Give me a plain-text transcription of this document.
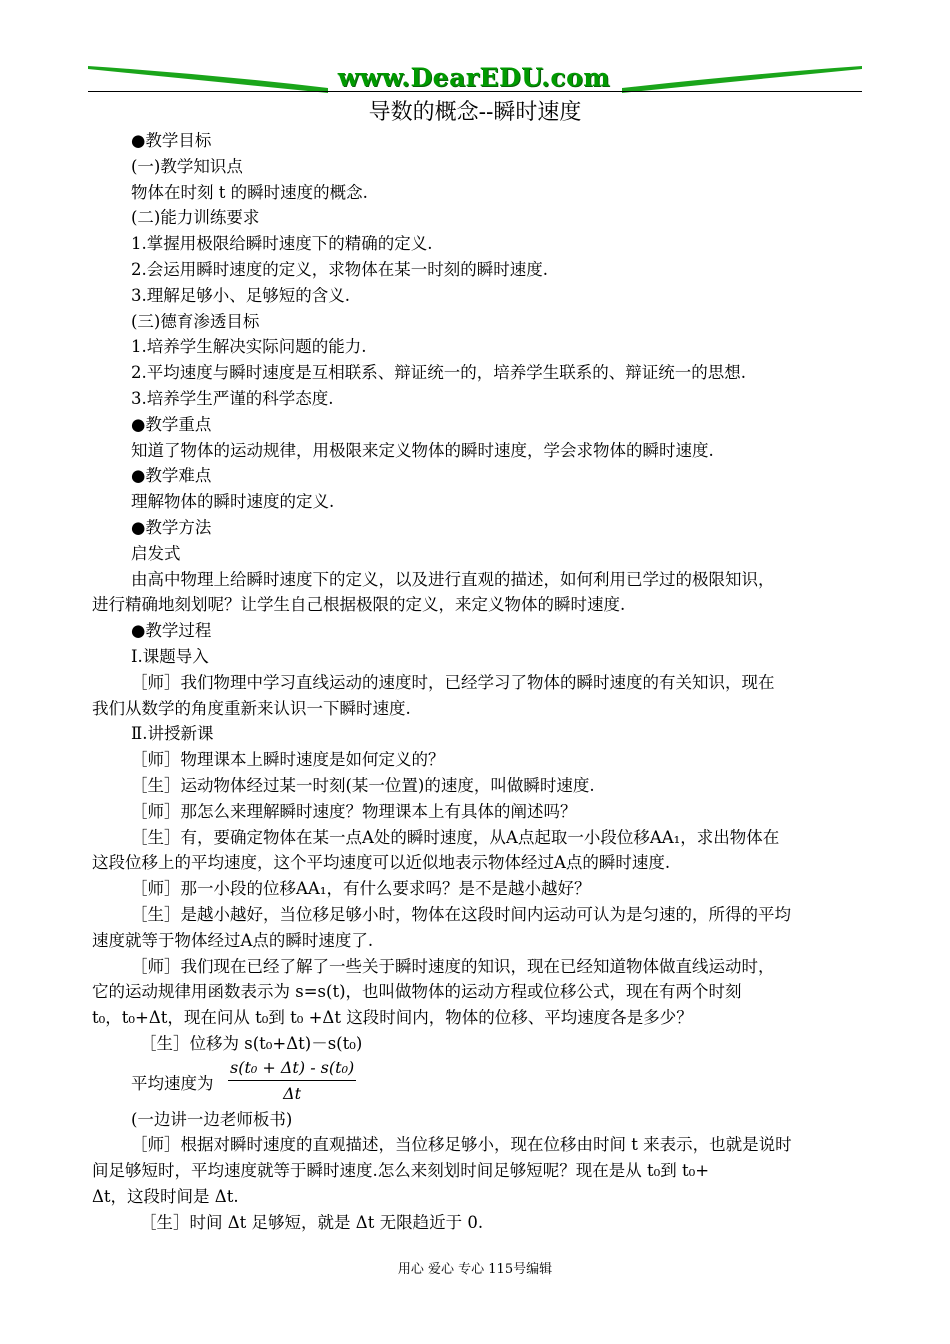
www.DearEDU.com
导数的概念--瞬时速度
●教学目标
(一)教学知识点
物体在时刻 t 的瞬时速度的概念.
(二)能力训练要求
1.掌握用极限给瞬时速度下的精确的定义.
2.会运用瞬时速度的定义，求物体在某一时刻的瞬时速度.
3.理解足够小、足够短的含义.
(三)德育渗透目标
1.培养学生解决实际问题的能力.
2.平均速度与瞬时速度是互相联系、辩证统一的，培养学生联系的、辩证统一的思想.
3.培养学生严谨的科学态度.
●教学重点
知道了物体的运动规律，用极限来定义物体的瞬时速度，学会求物体的瞬时速度.
●教学难点
理解物体的瞬时速度的定义.
●教学方法
启发式
由高中物理上给瞬时速度下的定义，以及进行直观的描述，如何利用已学过的极限知识，
进行精确地刻划呢？让学生自己根据极限的定义，来定义物体的瞬时速度.
●教学过程
Ⅰ.课题导入
［师］我们物理中学习直线运动的速度时，已经学习了物体的瞬时速度的有关知识，现在
我们从数学的角度重新来认识一下瞬时速度.
Ⅱ.讲授新课
［师］物理课本上瞬时速度是如何定义的？
［生］运动物体经过某一时刻(某一位置)的速度，叫做瞬时速度.
［师］那怎么来理解瞬时速度？物理课本上有具体的阐述吗？
［生］有，要确定物体在某一点A处的瞬时速度，从A点起取一小段位移AA₁，求出物体在
这段位移上的平均速度，这个平均速度可以近似地表示物体经过A点的瞬时速度.
［师］那一小段的位移AA₁，有什么要求吗？是不是越小越好？
［生］是越小越好，当位移足够小时，物体在这段时间内运动可认为是匀速的，所得的平均
速度就等于物体经过A点的瞬时速度了.
［师］我们现在已经了解了一些关于瞬时速度的知识，现在已经知道物体做直线运动时，
它的运动规律用函数表示为 s=s(t)，也叫做物体的运动方程或位移公式，现在有两个时刻
t₀，t₀+Δt，现在问从 t₀到 t₀ +Δt 这段时间内，物体的位移、平均速度各是多少？
［生］位移为 s(t₀+Δt)－s(t₀)
平均速度为 $\frac{\text{s(t₀ + Δt) - s(t₀)}}{\Delta t}$
(一边讲一边老师板书)
［师］根据对瞬时速度的直观描述，当位移足够小，现在位移由时间 t 来表示，也就是说时
间足够短时，平均速度就等于瞬时速度.怎么来刻划时间足够短呢？现在是从 t₀到 t₀+
Δt，这段时间是 Δt.
［生］时间 Δt 足够短，就是 Δt 无限趋近于 0.
用心 爱心 专心 115号编辑
